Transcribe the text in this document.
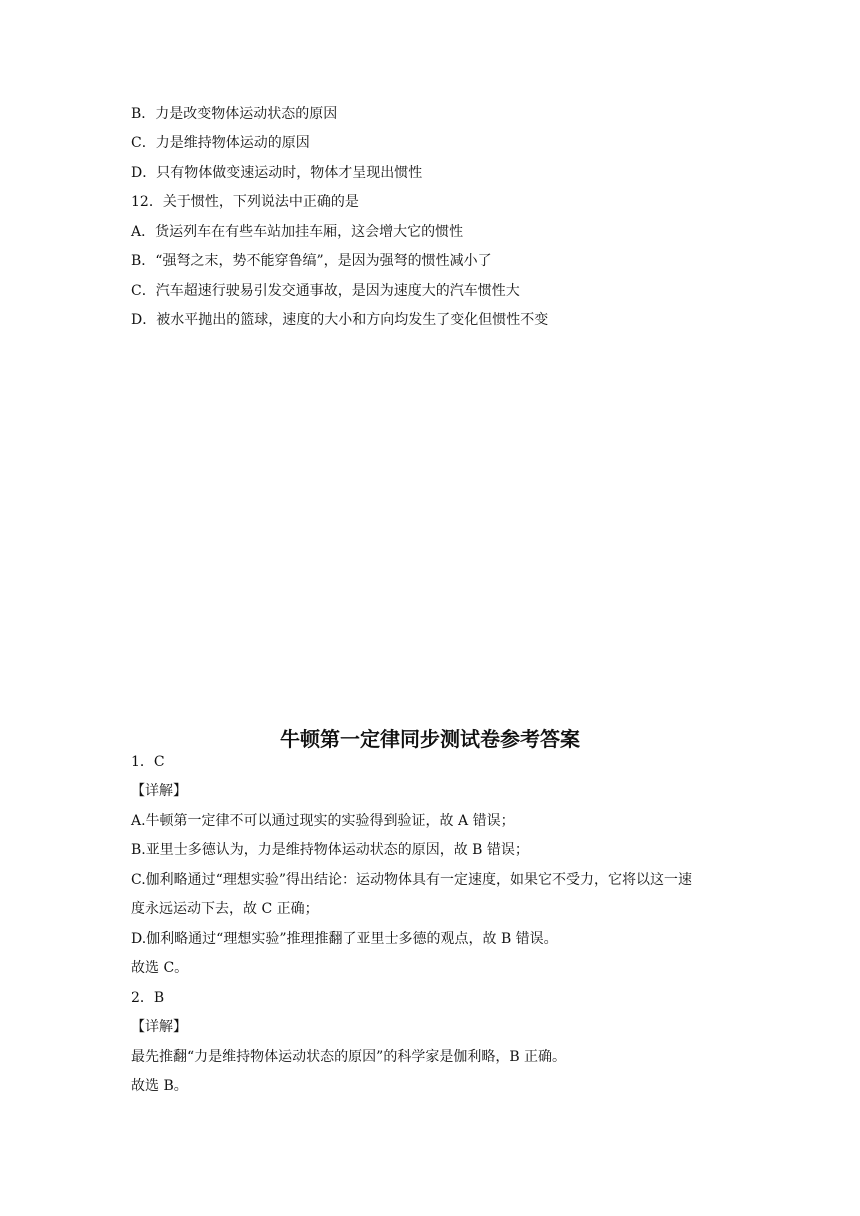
B．力是改变物体运动状态的原因

C．力是维持物体运动的原因

D．只有物体做变速运动时，物体才呈现出惯性

12．关于惯性，下列说法中正确的是

A．货运列车在有些车站加挂车厢，这会增大它的惯性

B．“强弩之末，势不能穿鲁缟”，是因为强弩的惯性减小了

C．汽车超速行驶易引发交通事故，是因为速度大的汽车惯性大

D．被水平抛出的篮球，速度的大小和方向均发生了变化但惯性不变

牛顿第一定律同步测试卷参考答案

1．C

【详解】

A.牛顿第一定律不可以通过现实的实验得到验证，故 A 错误；

B.亚里士多德认为，力是维持物体运动状态的原因，故 B 错误；

C.伽利略通过“理想实验”得出结论：运动物体具有一定速度，如果它不受力，它将以这一速

度永远运动下去，故 C 正确；

D.伽利略通过“理想实验”推理推翻了亚里士多德的观点，故 B 错误。

故选 C。

2．B

【详解】

最先推翻“力是维持物体运动状态的原因”的科学家是伽利略，B 正确。

故选 B。
